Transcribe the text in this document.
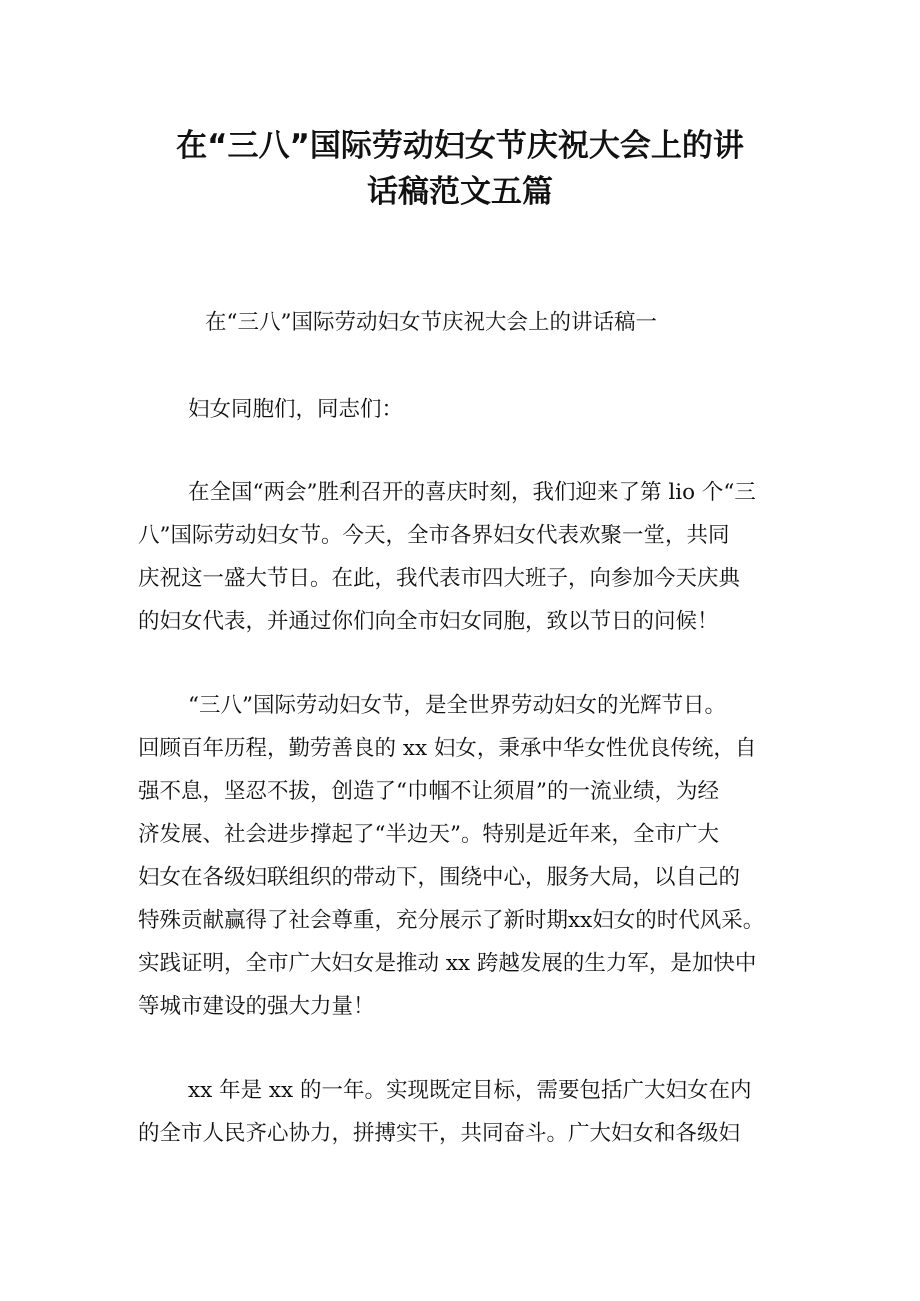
在“三八”国际劳动妇女节庆祝大会上的讲
话稿范文五篇

在“三八”国际劳动妇女节庆祝大会上的讲话稿一

妇女同胞们，同志们：

在全国“两会”胜利召开的喜庆时刻，我们迎来了第 lio 个“三

八”国际劳动妇女节。今天，全市各界妇女代表欢聚一堂，共同

庆祝这一盛大节日。在此，我代表市四大班子，向参加今天庆典

的妇女代表，并通过你们向全市妇女同胞，致以节日的问候！

“三八”国际劳动妇女节，是全世界劳动妇女的光辉节日。

回顾百年历程，勤劳善良的 xx 妇女，秉承中华女性优良传统，自

强不息，坚忍不拔，创造了“巾帼不让须眉”的一流业绩，为经

济发展、社会进步撑起了“半边天”。特别是近年来，全市广大

妇女在各级妇联组织的带动下，围绕中心，服务大局，以自己的

特殊贡献赢得了社会尊重，充分展示了新时期xx妇女的时代风采。

实践证明，全市广大妇女是推动 xx 跨越发展的生力军，是加快中

等城市建设的强大力量！

xx 年是 xx 的一年。实现既定目标，需要包括广大妇女在内

的全市人民齐心协力，拼搏实干，共同奋斗。广大妇女和各级妇
